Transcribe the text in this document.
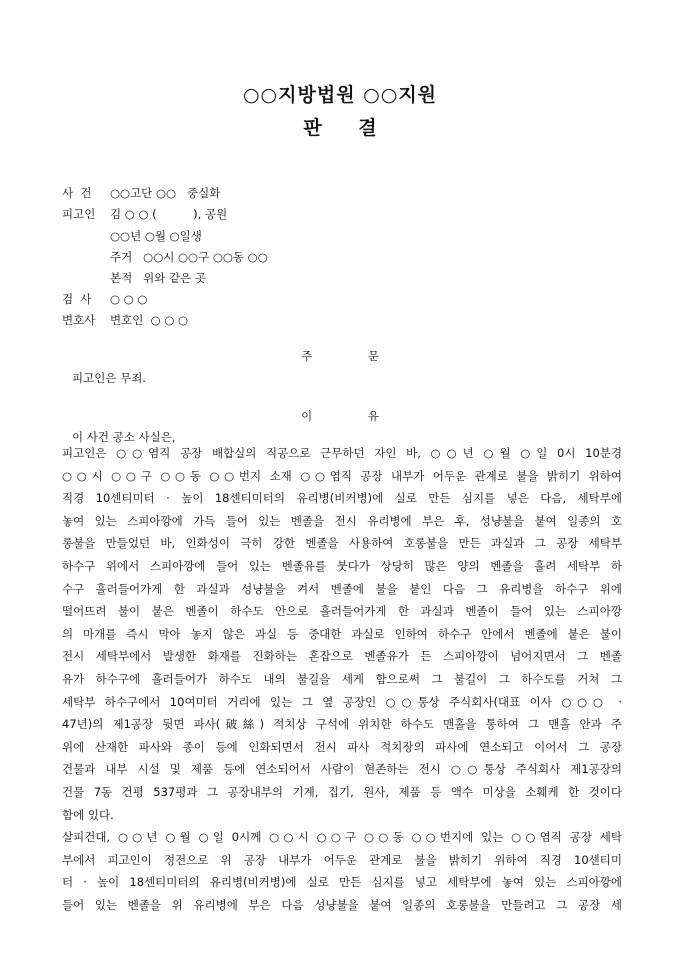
○○지방법원 ○○지원
판 결
사  건 ○○고단 ○○   중실화
피고인 김 ○ ○ (          ), 공원
○○년 ○월 ○일생
주거   ○○시 ○○구 ○○동 ○○
본적   위와 같은 곳
검  사 ○ ○ ○
변호사 변호인  ○ ○ ○
주 문
피고인은 무죄.
이 유
이 사건 공소 사실은,
피고인은 ○○염직 공장 배합실의 직공으로 근무하던 자인 바, ○○년 ○월 ○일 0시 10분경
○○시 ○○구 ○○동 ○○번지 소재 ○○염직 공장 내부가 어두운 관계로 불을 밝히기 위하여
직경 10센티미터 · 높이 18센티미터의 유리병(비커병)에 실로 만든 심지를 넣은 다음, 세탁부에
놓여 있는 스피아깡에 가득 들어 있는 벤졸을 전시 유리병에 부은 후, 성냥불을 붙여 일종의 호
롱불을 만들었던 바, 인화성이 극히 강한 벤졸을 사용하여 호롱불을 만든 과실과 그 공장 세탁부
하수구 위에서 스피아깡에 들어 있는 벤졸유를 붓다가 상당히 많은 양의 벤졸을 흘려 세탁부 하
수구 흘러들어가게 한 과실과 성냥불을 켜서 벤졸에 불을 붙인 다음 그 유리병을 하수구 위에
떨어뜨려 불이 붙은 벤졸이 하수도 안으로 흘러들어가게 한 과실과 벤졸이 들어 있는 스피아깡
의 마개를 즉시 막아 놓지 않은 과실 등 중대한 과실로 인하여 하수구 안에서 벤졸에 붙은 불이
전시 세탁부에서 발생한 화재를 진화하는 혼잡으로 벤졸유가 든 스피아깡이 넘어지면서 그 벤졸
유가 하수구에 흘러들어가 하수도 내의 불길을 세게 함으로써 그 불길이 그 하수도를 거쳐 그
세탁부 하수구에서 10여미터 거리에 있는 그 옆 공장인 ○○통상 주식회사(대표 이사 ○○○ ·
47년)의 제1공장 뒷면 파사(破絲) 적치상 구석에 위치한 하수도 맨홀을 통하여 그 맨홀 안과 주
위에 산재한 파사와 종이 등에 인화되면서 전시 파사 적치장의 파사에 연소되고 이어서 그 공장
건물과 내부 시설 및 제품 등에 연소되어서 사람이 현존하는 전시 ○○통상 주식회사 제1공장의
건물 7동 건평 537평과 그 공장내부의 기계, 집기, 원사, 제품 등 액수 미상을 소훼케 한 것이다
함에 있다.
살피건대, ○○년 ○월 ○일 0시께 ○○시 ○○구 ○○동 ○○번지에 있는 ○○염직 공장 세탁
부에서 피고인이 정전으로 위 공장 내부가 어두운 관계로 불을 밝히기 위하여 직경 10센티미
터 · 높이 18센티미터의 유리병(비커병)에 실로 만든 심지를 넣고 세탁부에 놓여 있는 스피아깡에
들어 있는 벤졸을 위 유리병에 부은 다음 성냥불을 붙여 일종의 호롱불을 만들려고 그 공장 세
